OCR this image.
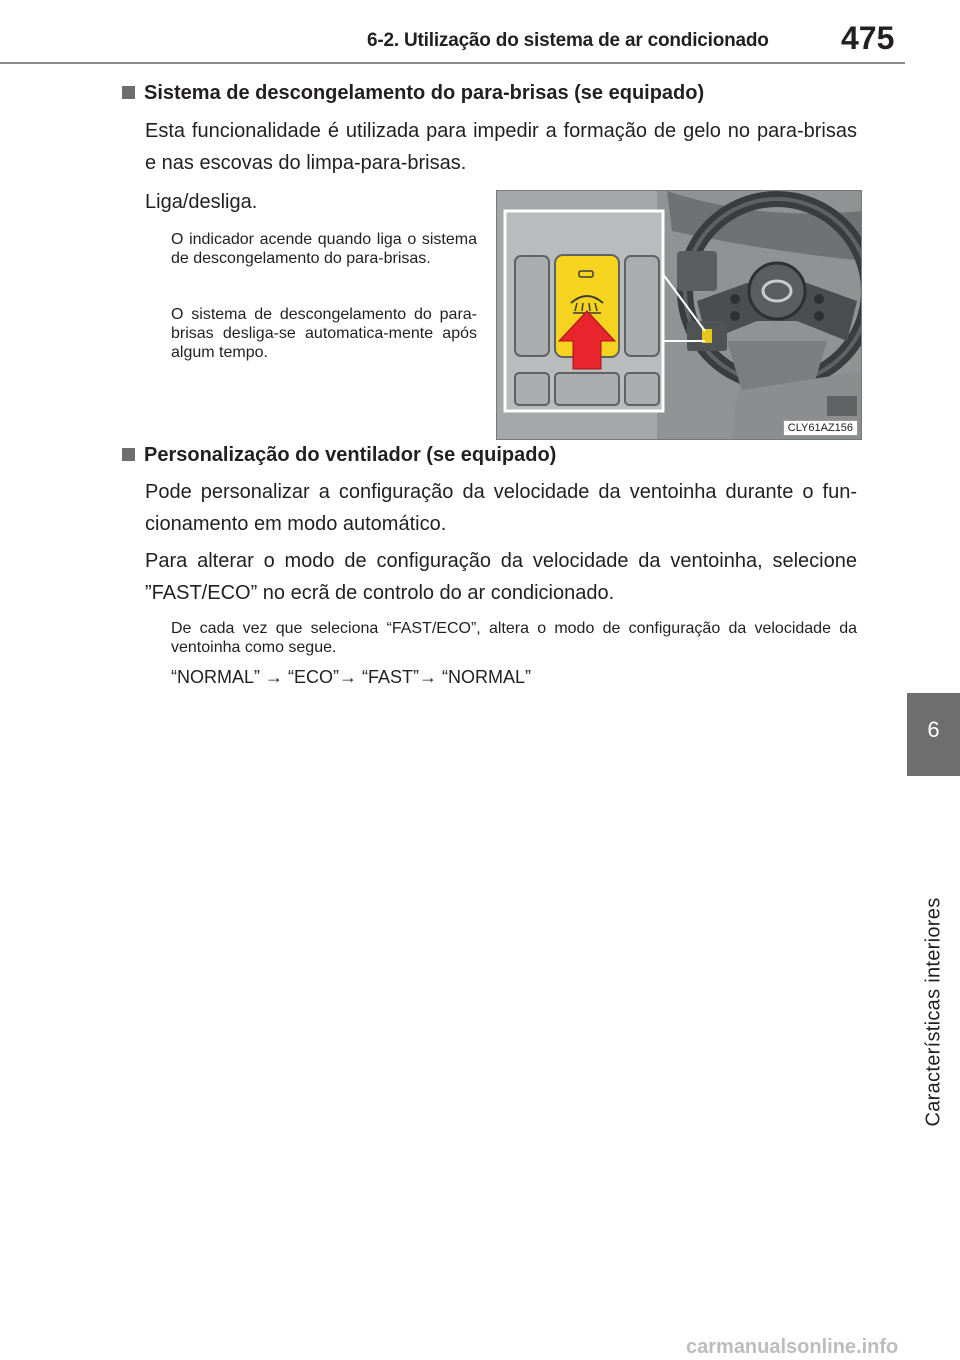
6-2. Utilização do sistema de ar condicionado 475
6
Características interiores
Sistema de descongelamento do para-brisas (se equipado)

Esta funcionalidade é utilizada para impedir a formação de gelo no para-brisas e nas escovas do limpa-para-brisas.

Liga/desliga.

O indicador acende quando liga o sistema de descongelamento do para-brisas.

O sistema de descongelamento do para-brisas desliga-se automatica-mente após algum tempo.

CLY61AZ156
Personalização do ventilador (se equipado)

Pode personalizar a configuração da velocidade da ventoinha durante o fun-cionamento em modo automático.

Para alterar o modo de configuração da velocidade da ventoinha, selecione ”FAST/ECO” no ecrã de controlo do ar condicionado.

De cada vez que seleciona “FAST/ECO”, altera o modo de configuração da velocidade da ventoinha como segue.

“NORMAL” → “ECO”→ “FAST”→ “NORMAL”

carmanualsonline.info
